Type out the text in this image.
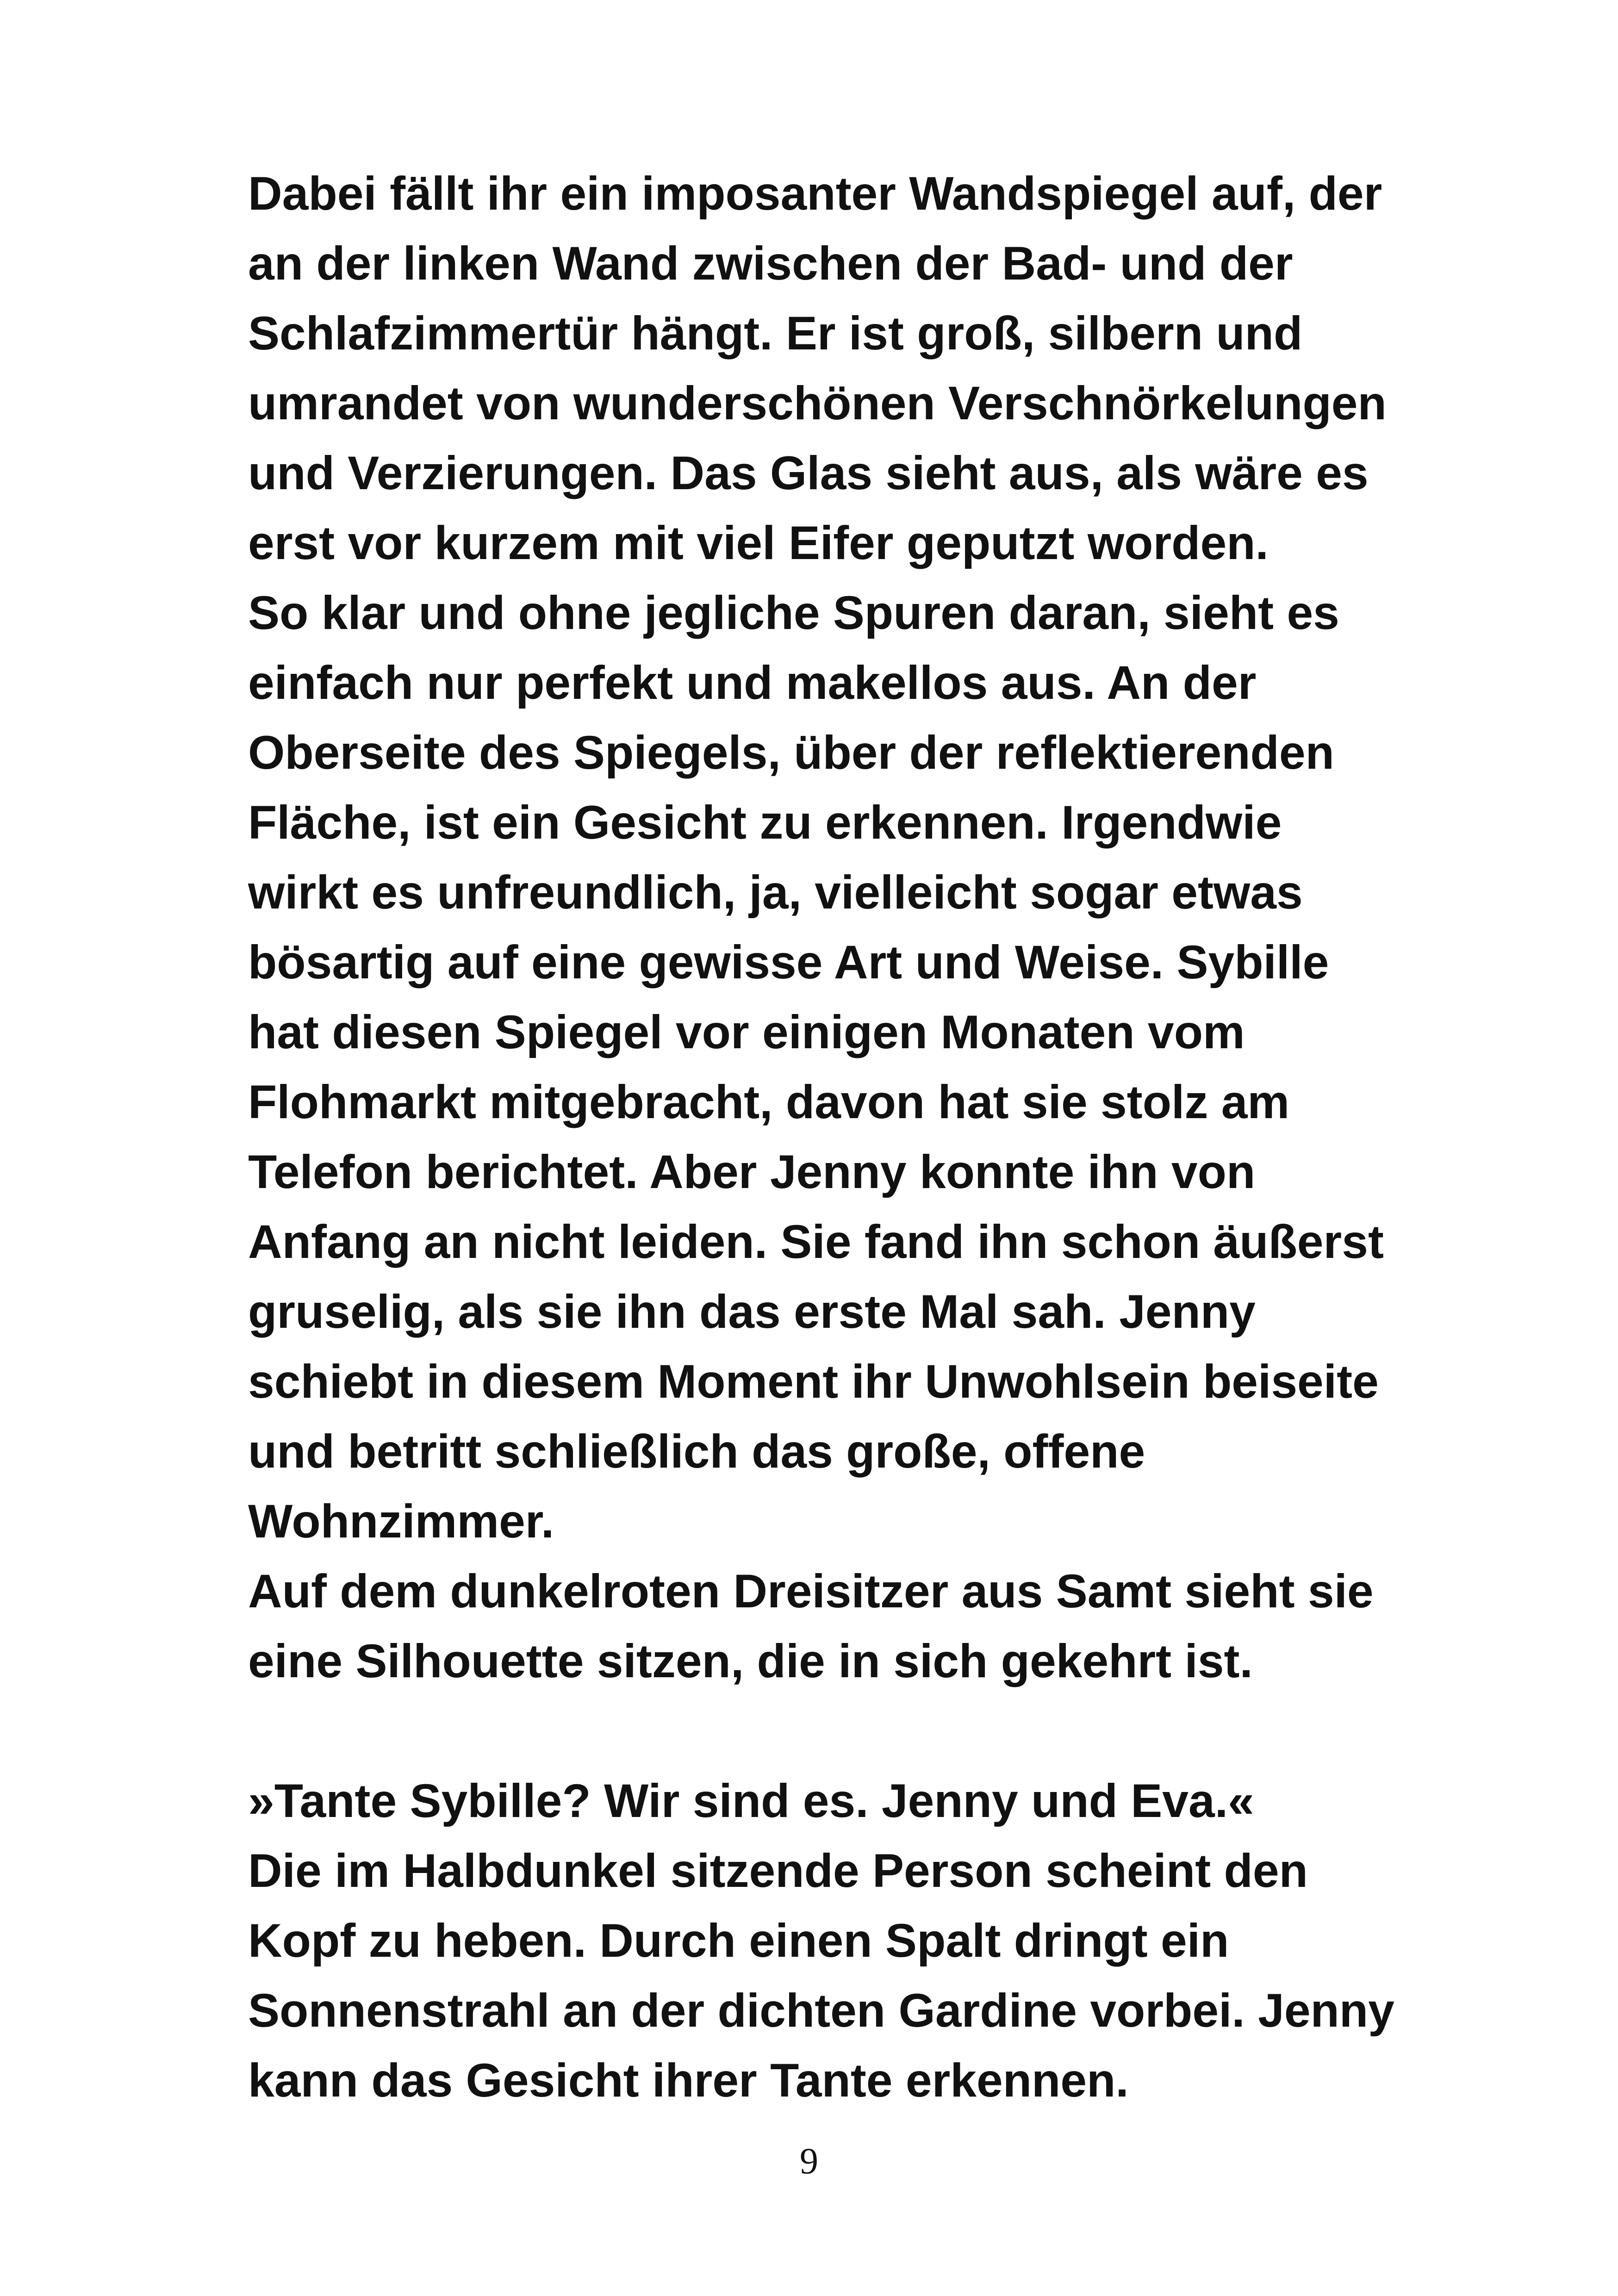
Dabei fällt ihr ein imposanter Wandspiegel auf, der
an der linken Wand zwischen der Bad- und der
Schlafzimmertür hängt. Er ist groß, silbern und
umrandet von wunderschönen Verschnörkelungen
und Verzierungen. Das Glas sieht aus, als wäre es
erst vor kurzem mit viel Eifer geputzt worden.
So klar und ohne jegliche Spuren daran, sieht es
einfach nur perfekt und makellos aus. An der
Oberseite des Spiegels, über der reflektierenden
Fläche, ist ein Gesicht zu erkennen. Irgendwie
wirkt es unfreundlich, ja, vielleicht sogar etwas
bösartig auf eine gewisse Art und Weise. Sybille
hat diesen Spiegel vor einigen Monaten vom
Flohmarkt mitgebracht, davon hat sie stolz am
Telefon berichtet. Aber Jenny konnte ihn von
Anfang an nicht leiden. Sie fand ihn schon äußerst
gruselig, als sie ihn das erste Mal sah. Jenny
schiebt in diesem Moment ihr Unwohlsein beiseite
und betritt schließlich das große, offene
Wohnzimmer.
Auf dem dunkelroten Dreisitzer aus Samt sieht sie
eine Silhouette sitzen, die in sich gekehrt ist.
»Tante Sybille? Wir sind es. Jenny und Eva.«
Die im Halbdunkel sitzende Person scheint den
Kopf zu heben. Durch einen Spalt dringt ein
Sonnenstrahl an der dichten Gardine vorbei. Jenny
kann das Gesicht ihrer Tante erkennen.
9
